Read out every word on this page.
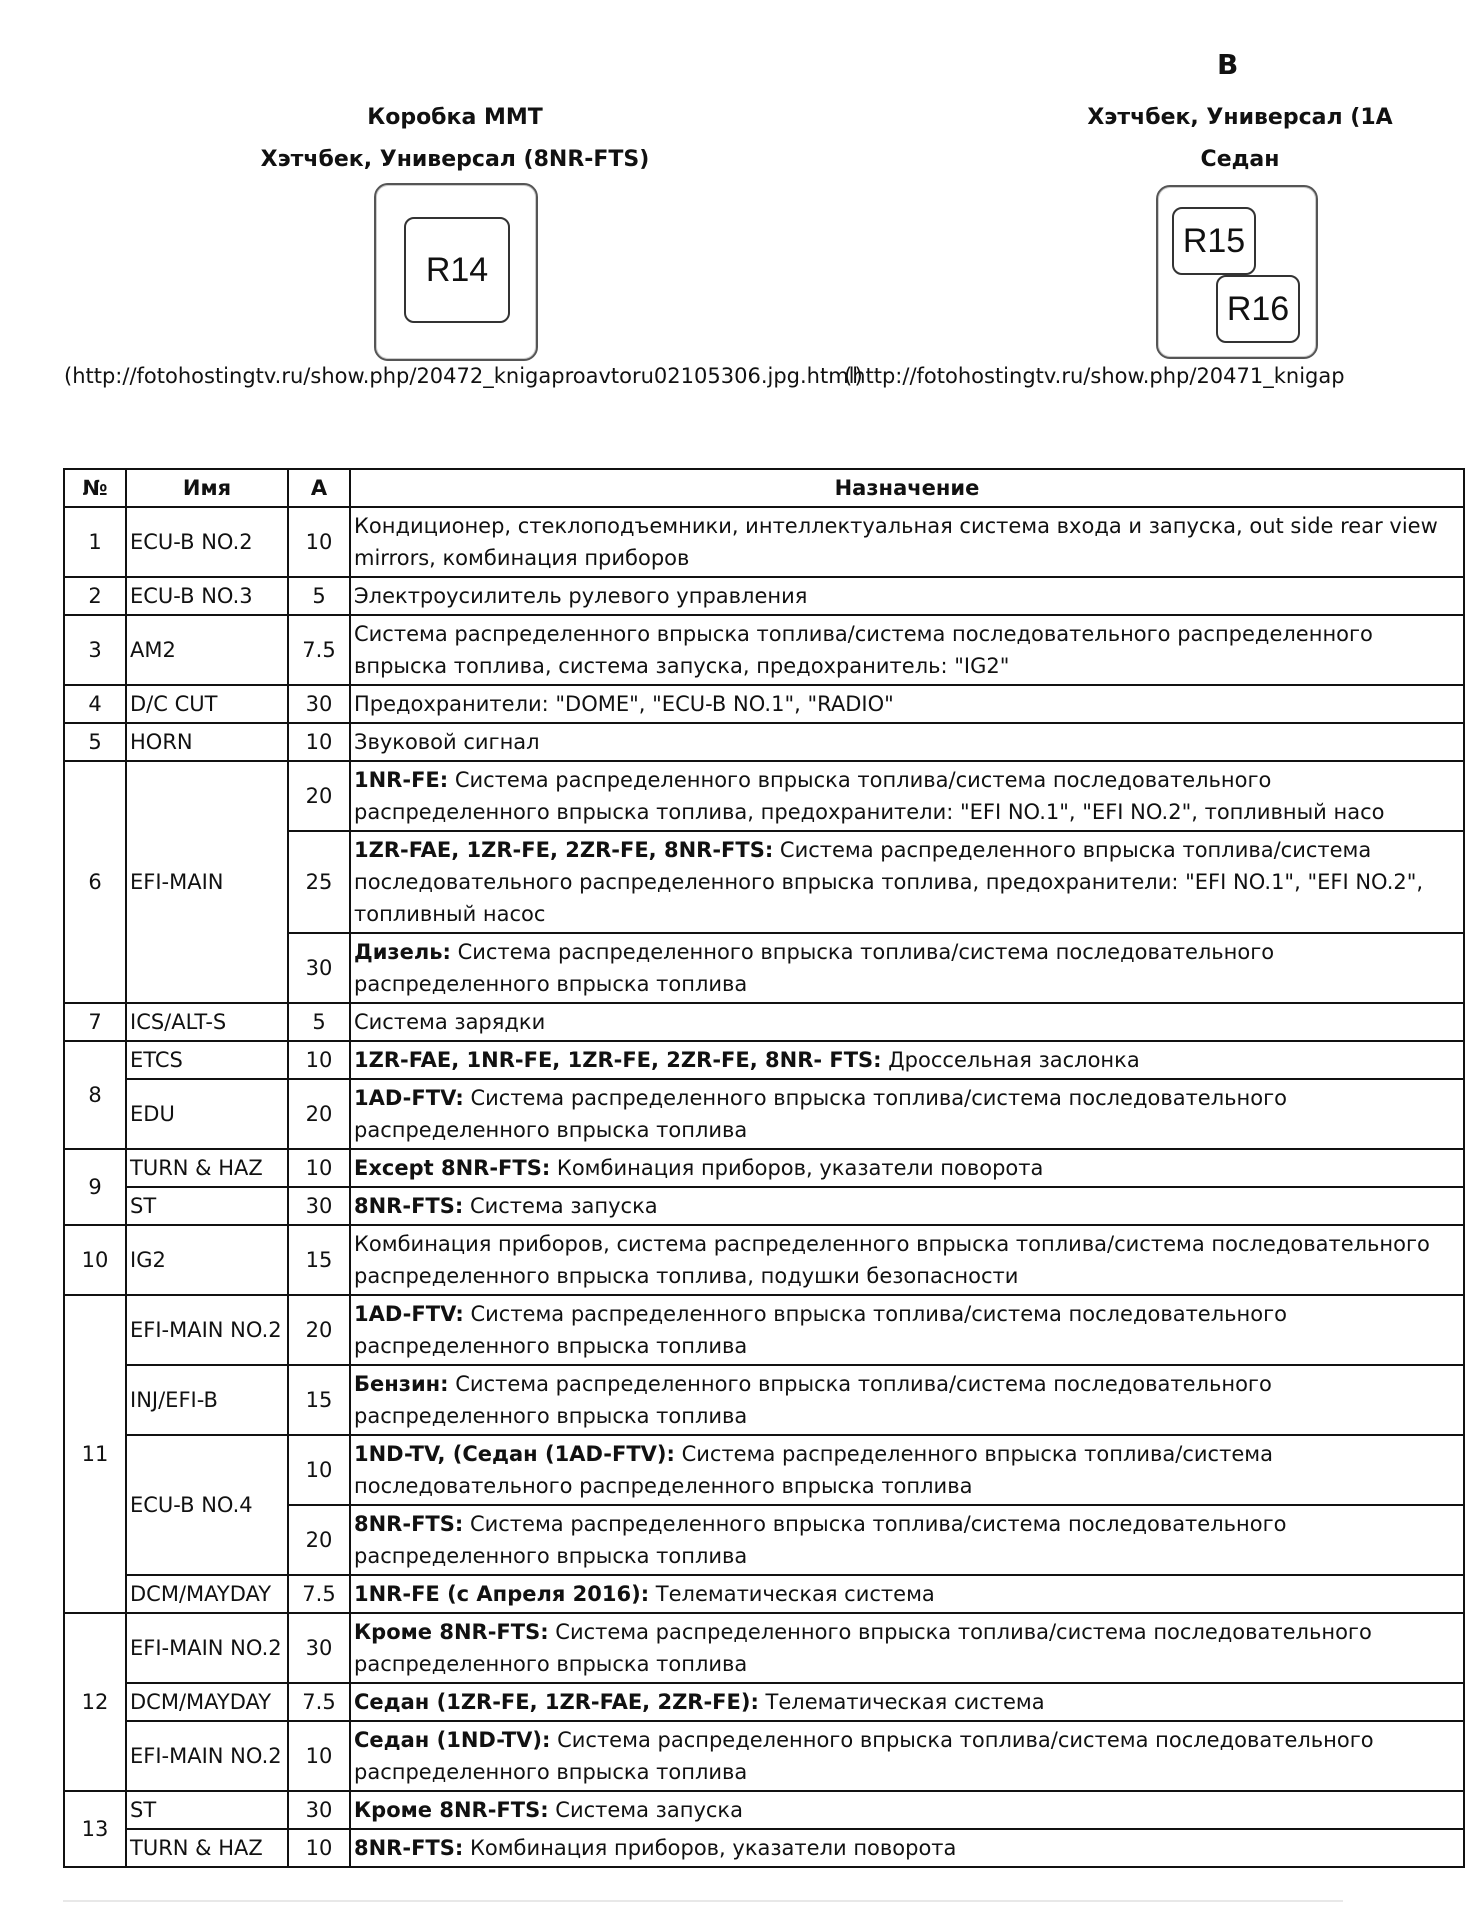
B
Коробка ММТ
Хэтчбек, Универсал (8NR-FTS)
Хэтчбек, Универсал (1А
Седан
R14
R15
R16
(http://fotohostingtv.ru/show.php/20472_knigaproavtoru02105306.jpg.html)
(http://fotohostingtv.ru/show.php/20471_knigap
№	Имя	А	Назначение
1	ECU-B NO.2	10	Кондиционер, стеклоподъемники, интеллектуальная система входа и запуска, out side rear view mirrors, комбинация приборов
2	ECU-B NO.3	5	Электроусилитель рулевого управления
3	AM2	7.5	Система распределенного впрыска топлива/система последовательного распределенного впрыска топлива, система запуска, предохранитель: "IG2"
4	D/C CUT	30	Предохранители: "DOME", "ECU-B NO.1", "RADIO"
5	HORN	10	Звуковой сигнал
6	EFI-MAIN	20	1NR-FE: Система распределенного впрыска топлива/система последовательного распределенного впрыска топлива, предохранители: "EFI NO.1", "EFI NO.2", топливный насо
		25	1ZR-FAE, 1ZR-FE, 2ZR-FE, 8NR-FTS: Система распределенного впрыска топлива/система последовательного распределенного впрыска топлива, предохранители: "EFI NO.1", "EFI NO.2", топливный насос
		30	Дизель: Система распределенного впрыска топлива/система последовательного распределенного впрыска топлива
7	ICS/ALT-S	5	Система зарядки
8	ETCS	10	1ZR-FAE, 1NR-FE, 1ZR-FE, 2ZR-FE, 8NR- FTS: Дроссельная заслонка
	EDU	20	1AD-FTV: Система распределенного впрыска топлива/система последовательного распределенного впрыска топлива
9	TURN & HAZ	10	Except 8NR-FTS: Комбинация приборов, указатели поворота
	ST	30	8NR-FTS: Система запуска
10	IG2	15	Комбинация приборов, система распределенного впрыска топлива/система последовательного распределенного впрыска топлива, подушки безопасности
11	EFI-MAIN NO.2	20	1AD-FTV: Система распределенного впрыска топлива/система последовательного распределенного впрыска топлива
	INJ/EFI-B	15	Бензин: Система распределенного впрыска топлива/система последовательного распределенного впрыска топлива
	ECU-B NO.4	10	1ND-TV, (Седан (1AD-FTV): Система распределенного впрыска топлива/система последовательного распределенного впрыска топлива
		20	8NR-FTS: Система распределенного впрыска топлива/система последовательного распределенного впрыска топлива
	DCM/MAYDAY	7.5	1NR-FE (с Апреля 2016): Телематическая система
12	EFI-MAIN NO.2	30	Кроме 8NR-FTS: Система распределенного впрыска топлива/система последовательного распределенного впрыска топлива
	DCM/MAYDAY	7.5	Седан (1ZR-FE, 1ZR-FAE, 2ZR-FE): Телематическая система
	EFI-MAIN NO.2	10	Седан (1ND-TV): Система распределенного впрыска топлива/система последовательного распределенного впрыска топлива
13	ST	30	Кроме 8NR-FTS: Система запуска
	TURN & HAZ	10	8NR-FTS: Комбинация приборов, указатели поворота
